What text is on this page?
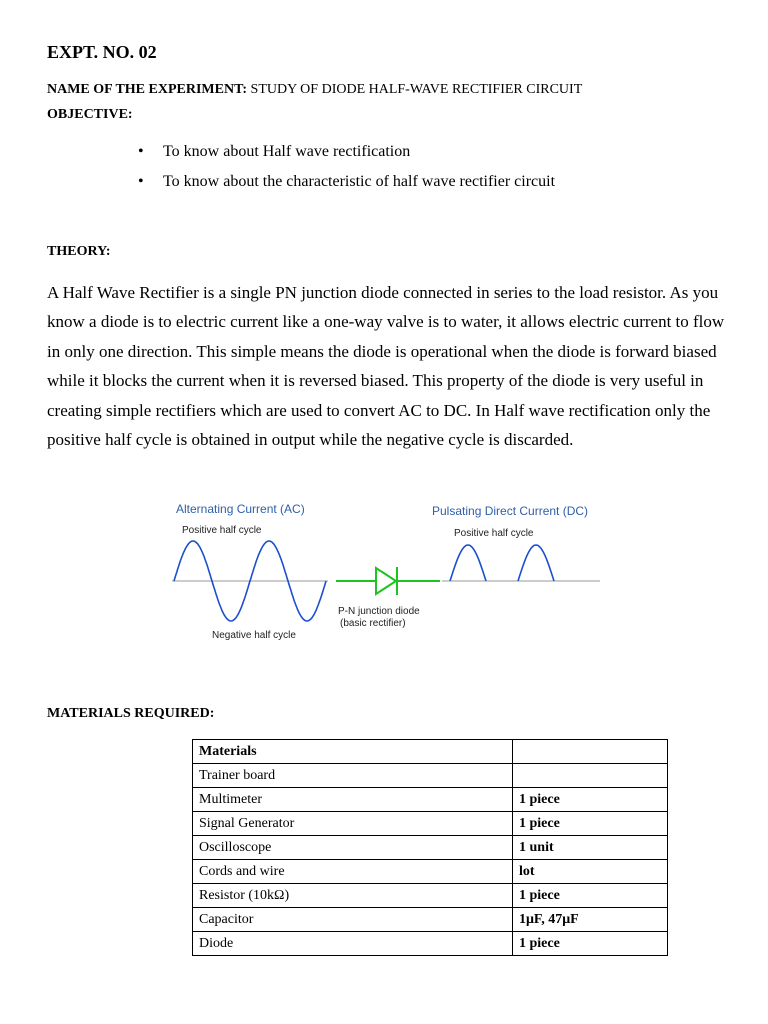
EXPT. NO. 02
NAME OF THE EXPERIMENT: STUDY OF DIODE HALF-WAVE RECTIFIER CIRCUIT
OBJECTIVE:
• To know about Half wave rectification
• To know about the characteristic of half wave rectifier circuit
THEORY:
A Half Wave Rectifier is a single PN junction diode connected in series to the load resistor. As you know a diode is to electric current like a one-way valve is to water, it allows electric current to flow in only one direction. This simple means the diode is operational when the diode is forward biased while it blocks the current when it is reversed biased. This property of the diode is very useful in creating simple rectifiers which are used to convert AC to DC. In Half wave rectification only the positive half cycle is obtained in output while the negative cycle is discarded.
Alternating Current (AC)
Positive half cycle
Negative half cycle
P-N junction diode
(basic rectifier)
Pulsating Direct Current (DC)
Positive half cycle
MATERIALS REQUIRED:
Materials	
Trainer board	
Multimeter	1 piece
Signal Generator	1 piece
Oscilloscope	1 unit
Cords and wire	lot
Resistor (10kΩ)	1 piece
Capacitor	1μF, 47μF
Diode	1 piece
